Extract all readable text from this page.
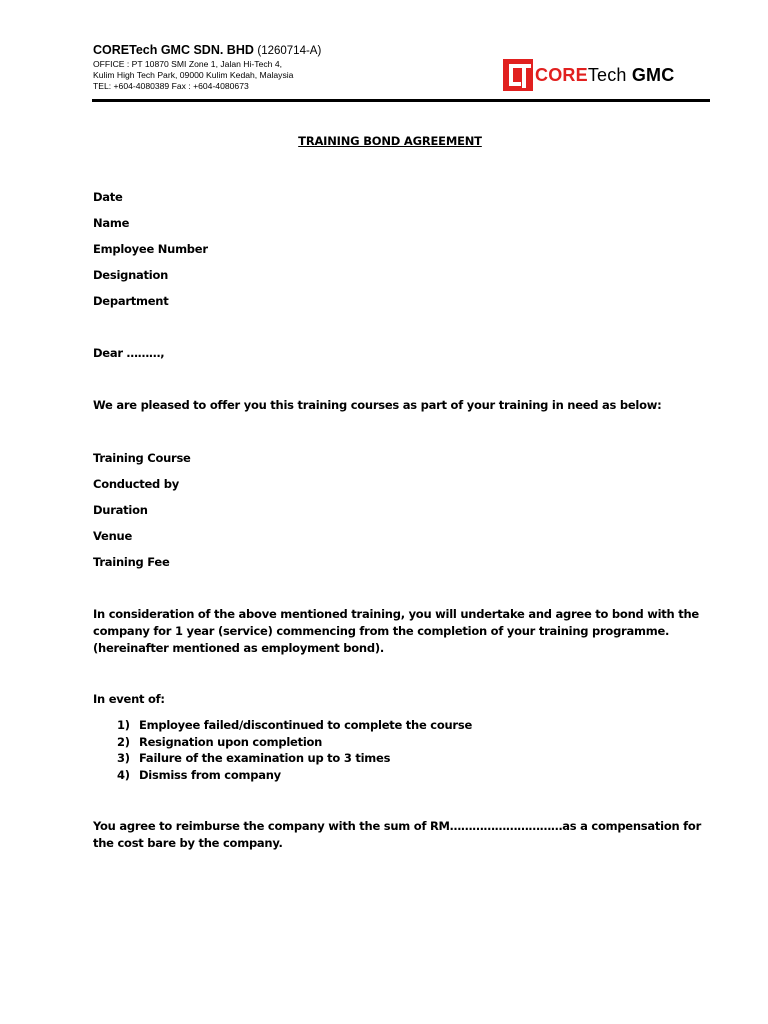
CORETech GMC SDN. BHD (1260714-A)
OFFICE : PT 10870 SMI Zone 1, Jalan Hi-Tech 4,
Kulim High Tech Park, 09000 Kulim Kedah, Malaysia
TEL: +604-4080389 Fax : +604-4080673
CORETech GMC
TRAINING BOND AGREEMENT
Date
Name
Employee Number
Designation
Department
Dear ………,
We are pleased to offer you this training courses as part of your training in need as below:
Training Course
Conducted by
Duration
Venue
Training Fee
In consideration of the above mentioned training, you will undertake and agree to bond with the
company for 1 year (service) commencing from the completion of your training programme.
(hereinafter mentioned as employment bond).
In event of:
1) Employee failed/discontinued to complete the course
2) Resignation upon completion
3) Failure of the examination up to 3 times
4) Dismiss from company
You agree to reimburse the company with the sum of RM…………………………as a compensation for
the cost bare by the company.
